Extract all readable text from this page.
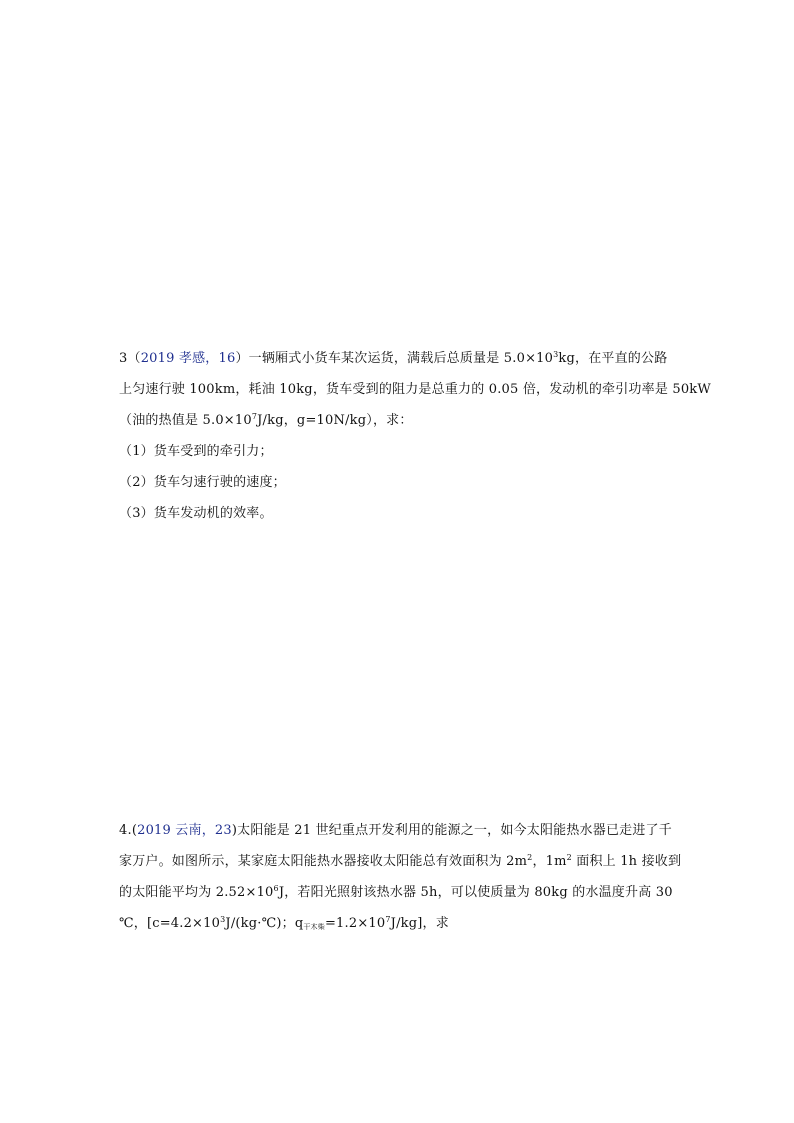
3（2019 孝感，16）一辆厢式小货车某次运货，满载后总质量是 $5.0\times 10^3kg$，在平直的公路
上匀速行驶 100km，耗油 10kg，货车受到的阻力是总重力的 0.05 倍，发动机的牵引功率是 50kW
（油的热值是 $5.0\times 10^7J/kg$，g=10N/kg），求：
（1）货车受到的牵引力；
（2）货车匀速行驶的速度；
（3）货车发动机的效率。
4.(2019 云南，23)太阳能是 21 世纪重点开发利用的能源之一，如今太阳能热水器已走进了千
家万户。如图所示，某家庭太阳能热水器接收太阳能总有效面积为 $2m^2$，$1m^2$ 面积上 1h 接收到
的太阳能平均为 $2.52\times 10^6J$，若阳光照射该热水器 5h，可以使质量为 80kg 的水温度升高 30
℃，[$c=4.2\times 10^3J/(kg\cdot℃)$；$q_{干木柴}=1.2\times 10^7J/kg$]，求
